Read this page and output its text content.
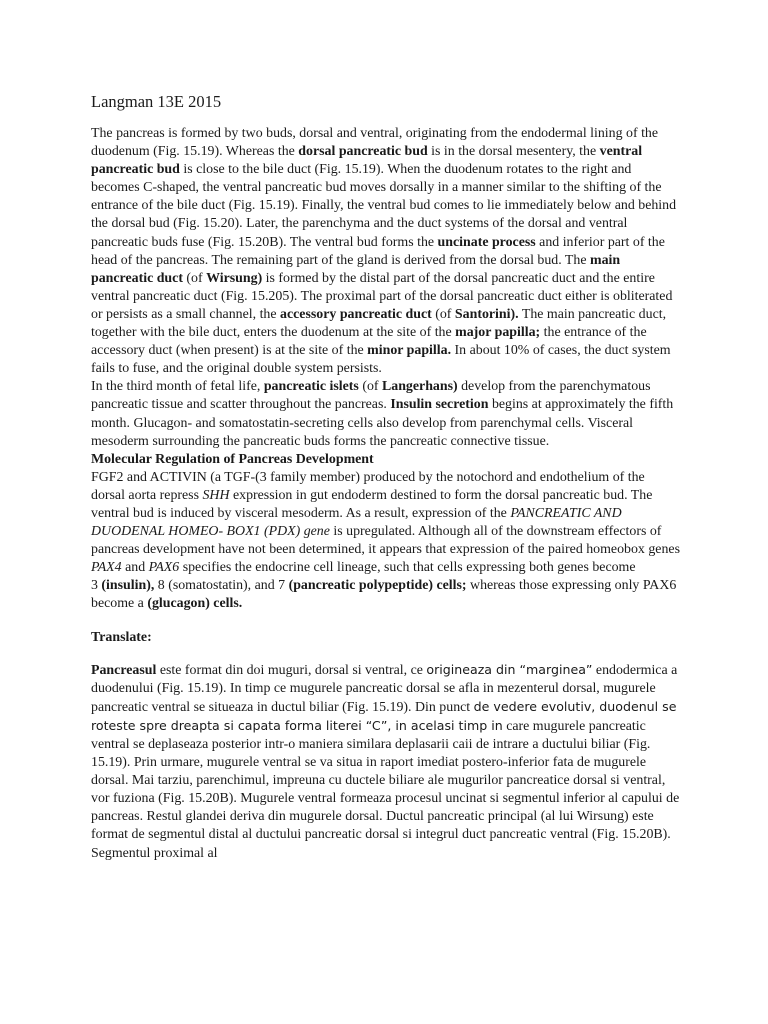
Langman 13E 2015

The pancreas is formed by two buds, dorsal and ventral, originating from the endodermal lining of the duodenum (Fig. 15.19). Whereas the dorsal pancreatic bud is in the dorsal mesentery, the ventral pancreatic bud is close to the bile duct (Fig. 15.19). When the duodenum rotates to the right and becomes C-shaped, the ventral pancreatic bud moves dorsally in a manner similar to the shifting of the entrance of the bile duct (Fig. 15.19). Finally, the ventral bud comes to lie immediately below and behind the dorsal bud (Fig. 15.20). Later, the parenchyma and the duct systems of the dorsal and ventral pancreatic buds fuse (Fig. 15.20B). The ventral bud forms the uncinate process and inferior part of the head of the pancreas. The remaining part of the gland is derived from the dorsal bud. The main

pancreatic duct (of Wirsung) is formed by the distal part of the dorsal pancreatic duct and the entire ventral pancreatic duct (Fig. 15.205). The proximal part of the dorsal pancreatic duct either is obliterated or persists as a small channel, the accessory pancreatic duct (of Santorini). The main pancreatic duct, together with the bile duct, enters the duodenum at the site of the major papilla; the entrance of the accessory duct (when present) is at the site of the minor papilla. In about 10% of cases, the duct system fails to fuse, and the original double system persists.

In the third month of fetal life, pancreatic islets (of Langerhans) develop from the parenchymatous pancreatic tissue and scatter throughout the pancreas. Insulin secretion begins at approximately the fifth month. Glucagon- and somatostatin-secreting cells also develop from parenchymal cells. Visceral mesoderm surrounding the pancreatic buds forms the pancreatic connective tissue.

Molecular Regulation of Pancreas Development

FGF2 and ACTIVIN (a TGF-(3 family member) produced by the notochord and endothelium of the dorsal aorta repress SHH expression in gut endoderm destined to form the dorsal pancreatic bud. The ventral bud is induced by visceral mesoderm. As a result, expression of the PANCREATIC AND DUODENAL HOMEO- BOX1 (PDX) gene is upregulated. Although all of the downstream effectors of pancreas development have not been determined, it appears that expression of the paired homeobox genes PAX4 and PAX6 specifies the endocrine cell lineage, such that cells expressing both genes become

3 (insulin), 8 (somatostatin), and 7 (pancreatic polypeptide) cells; whereas those expressing only PAX6 become a (glucagon) cells.

Translate:

Pancreasul este format din doi muguri, dorsal si ventral, ce origineaza din “marginea” endodermica a duodenului (Fig. 15.19). In timp ce mugurele pancreatic dorsal se afla in mezenterul dorsal, mugurele pancreatic ventral se situeaza in ductul biliar (Fig. 15.19). Din punct de vedere evolutiv, duodenul se roteste spre dreapta si capata forma literei “C”, in acelasi timp in care mugurele pancreatic ventral se deplaseaza posterior intr-o maniera similara deplasarii caii de intrare a ductului biliar (Fig. 15.19). Prin urmare, mugurele ventral se va situa in raport imediat postero-inferior fata de mugurele dorsal. Mai tarziu, parenchimul, impreuna cu ductele biliare ale mugurilor pancreatice dorsal si ventral, vor fuziona (Fig. 15.20B). Mugurele ventral formeaza procesul uncinat si segmentul inferior al capului de pancreas. Restul glandei deriva din mugurele dorsal. Ductul pancreatic principal (al lui Wirsung) este format de segmentul distal al ductului pancreatic dorsal si integrul duct pancreatic ventral (Fig. 15.20B). Segmentul proximal al
